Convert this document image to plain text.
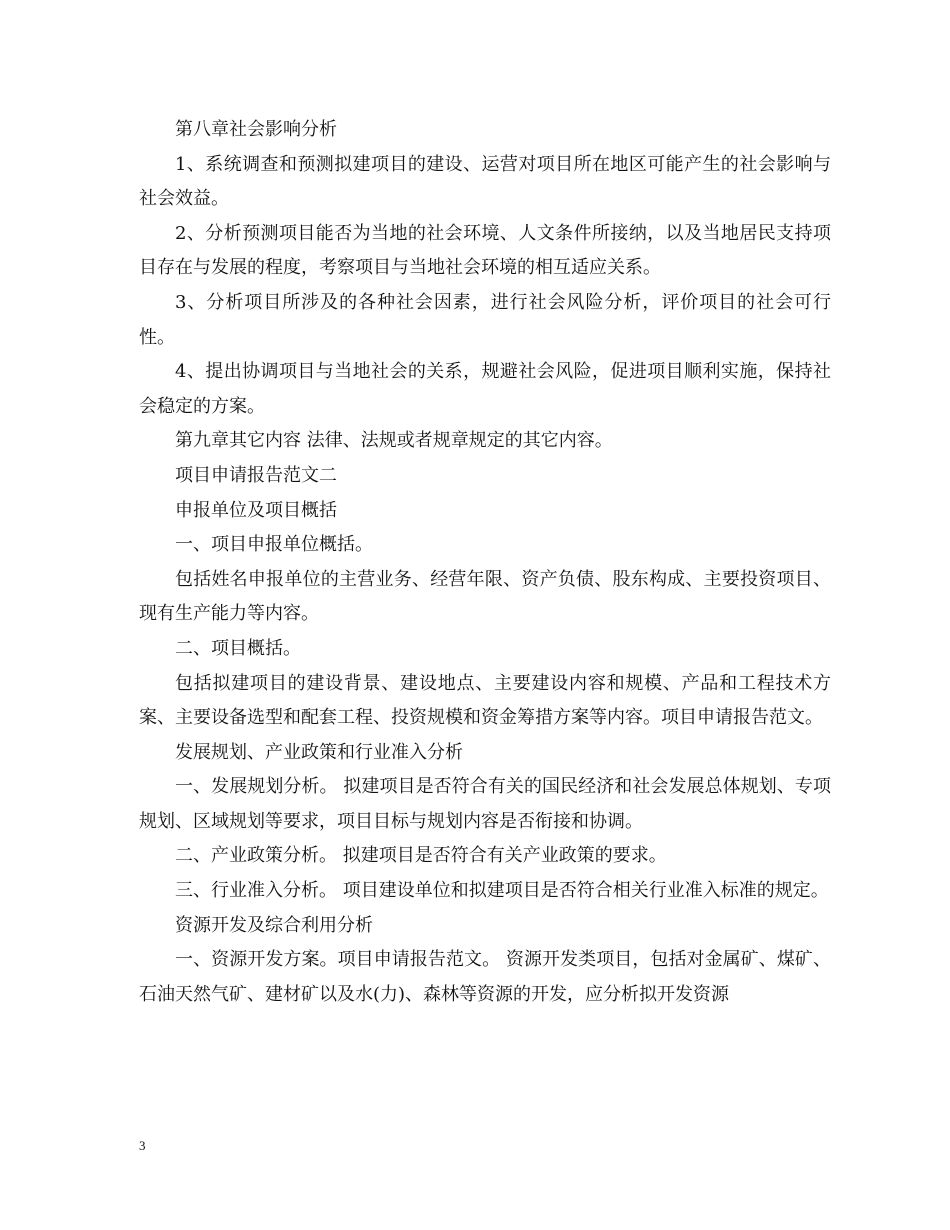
第八章社会影响分析

1、系统调查和预测拟建项目的建设、运营对项目所在地区可能产生的社会影响与社会效益。

2、分析预测项目能否为当地的社会环境、人文条件所接纳，以及当地居民支持项目存在与发展的程度，考察项目与当地社会环境的相互适应关系。

3、分析项目所涉及的各种社会因素，进行社会风险分析，评价项目的社会可行性。

4、提出协调项目与当地社会的关系，规避社会风险，促进项目顺利实施，保持社会稳定的方案。

第九章其它内容 法律、法规或者规章规定的其它内容。

项目申请报告范文二

申报单位及项目概括

一、项目申报单位概括。

包括姓名申报单位的主营业务、经营年限、资产负债、股东构成、主要投资项目、现有生产能力等内容。

二、项目概括。

包括拟建项目的建设背景、建设地点、主要建设内容和规模、产品和工程技术方案、主要设备选型和配套工程、投资规模和资金筹措方案等内容。项目申请报告范文。

发展规划、产业政策和行业准入分析

一、发展规划分析。 拟建项目是否符合有关的国民经济和社会发展总体规划、专项规划、区域规划等要求，项目目标与规划内容是否衔接和协调。

二、产业政策分析。 拟建项目是否符合有关产业政策的要求。

三、行业准入分析。 项目建设单位和拟建项目是否符合相关行业准入标准的规定。

资源开发及综合利用分析

一、资源开发方案。项目申请报告范文。 资源开发类项目，包括对金属矿、煤矿、石油天然气矿、建材矿以及水(力)、森林等资源的开发，应分析拟开发资源

3
